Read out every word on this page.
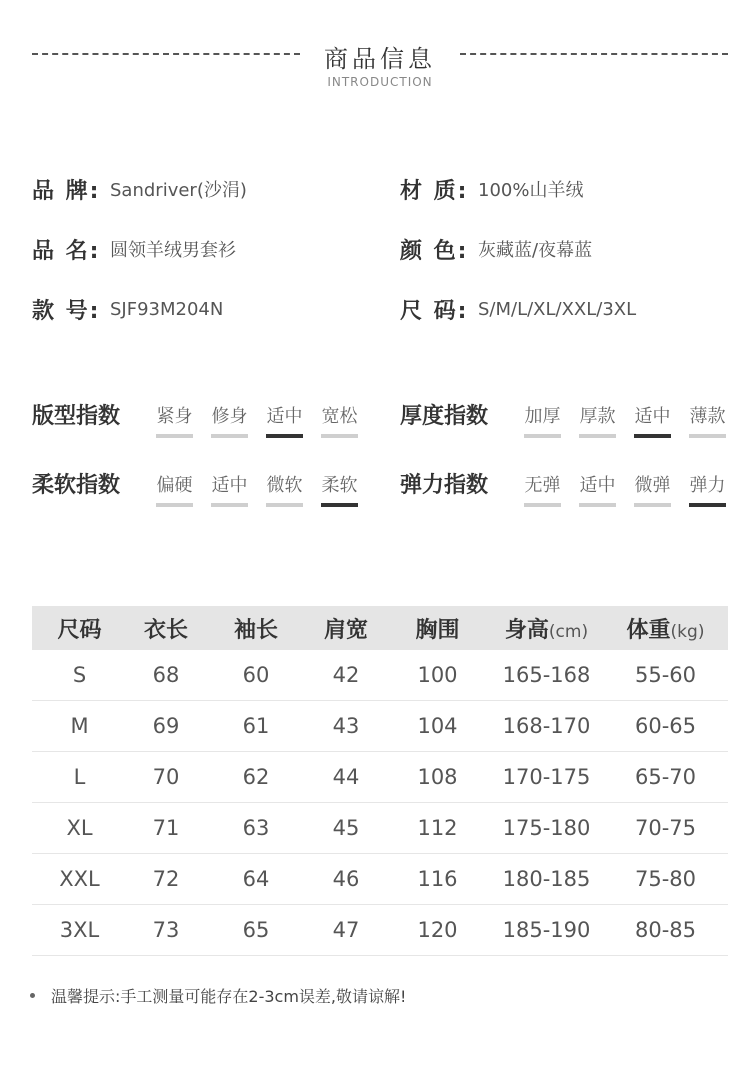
商品信息
INTRODUCTION
品 牌: Sandriver(沙涓)	材 质: 100%山羊绒
品 名: 圆领羊绒男套衫	颜 色: 灰藏蓝/夜幕蓝
款 号: SJF93M204N	尺 码: S/M/L/XL/XXL/3XL
版型指数	紧身	修身	适中	宽松	厚度指数	加厚	厚款	适中	薄款
柔软指数	偏硬	适中	微软	柔软	弹力指数	无弹	适中	微弹	弹力
尺码	衣长	袖长	肩宽	胸围	身高(cm)	体重(kg)
S	68	60	42	100	165-168	55-60
M	69	61	43	104	168-170	60-65
L	70	62	44	108	170-175	65-70
XL	71	63	45	112	175-180	70-75
XXL	72	64	46	116	180-185	75-80
3XL	73	65	47	120	185-190	80-85
温馨提示:手工测量可能存在2-3cm误差,敬请谅解!
